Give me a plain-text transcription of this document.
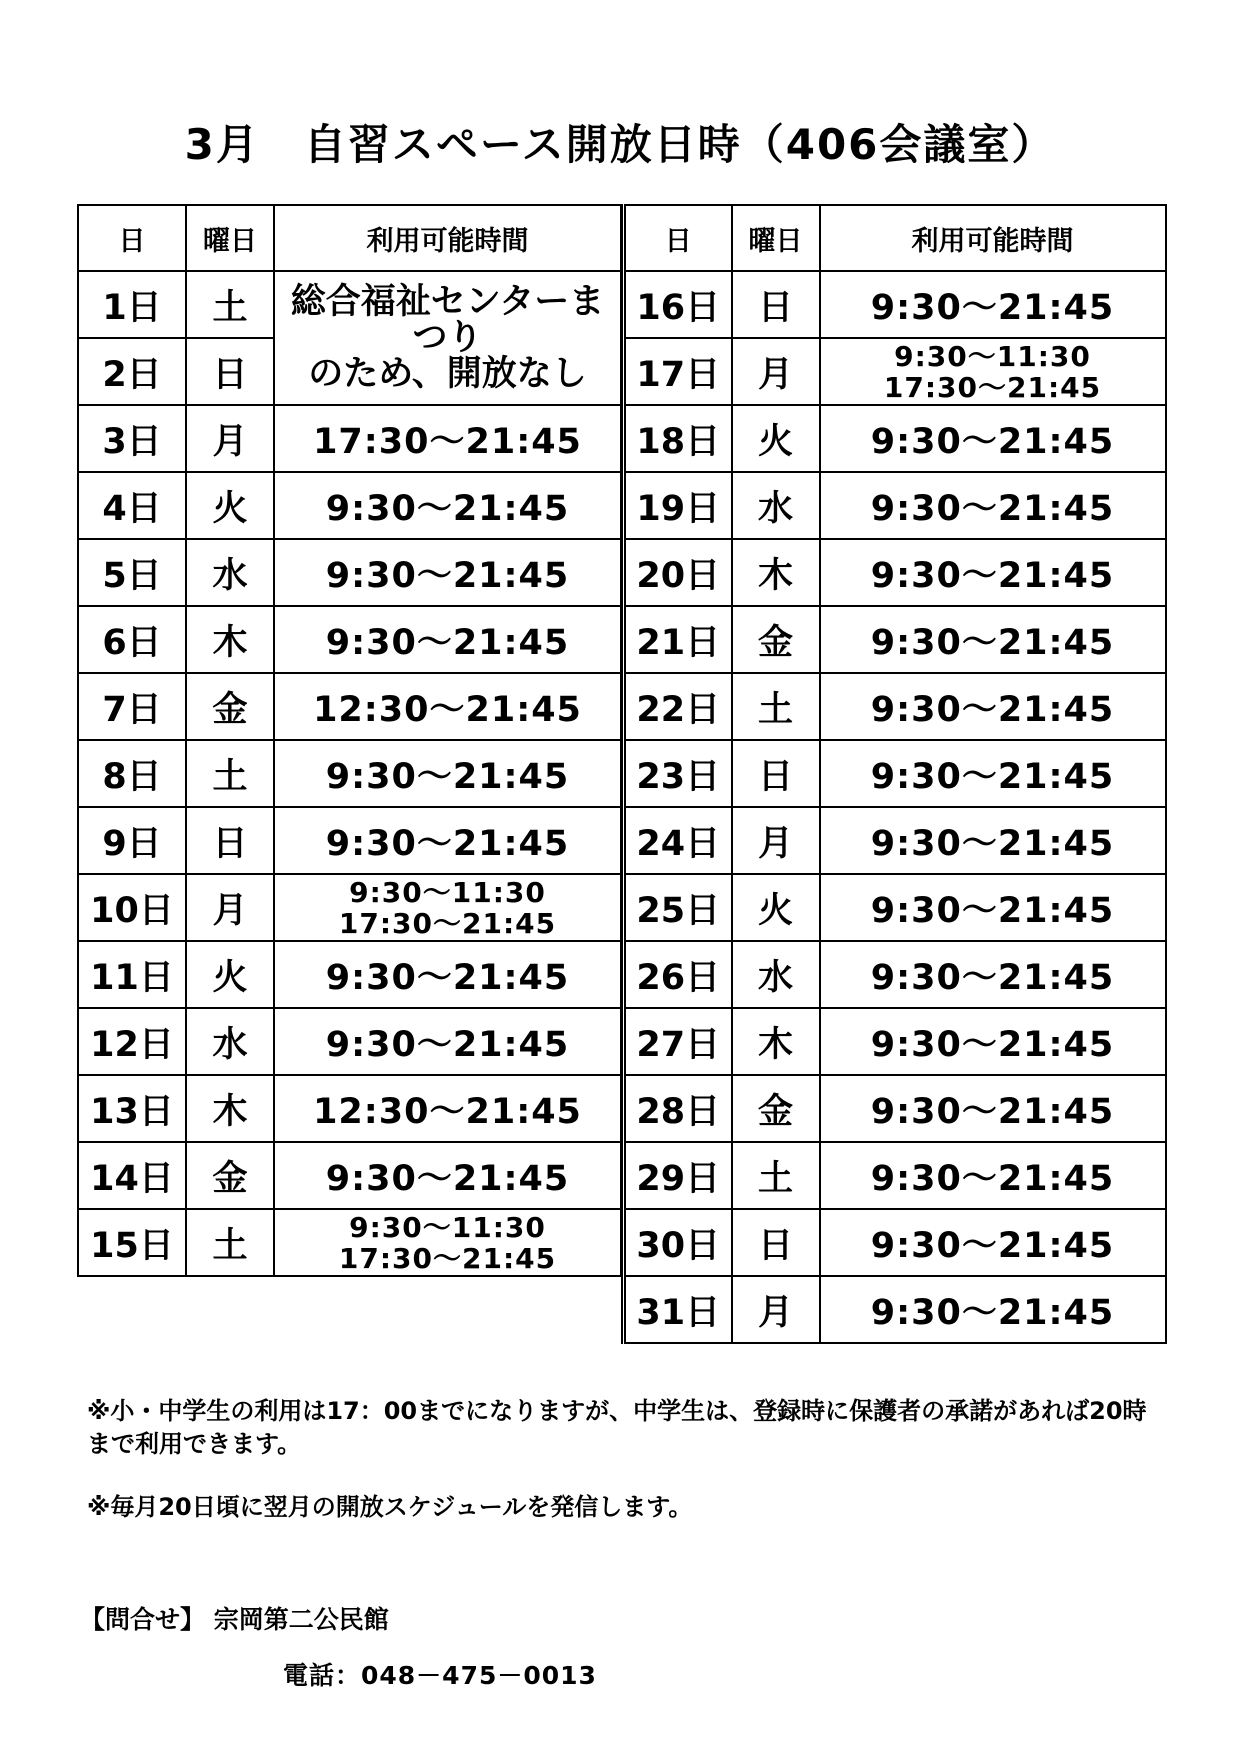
3月　自習スペース開放日時（406会議室）
日	曜日	利用可能時間
1日	土	総合福祉センターまつり
のため、開放なし

2日	日	
3日	月	17:30～21:45
4日	火	9:30～21:45
5日	水	9:30～21:45
6日	木	9:30～21:45
7日	金	12:30～21:45
8日	土	9:30～21:45
9日	日	9:30～21:45
10日	月	9:30～11:30
17:30～21:45

11日	火	9:30～21:45
12日	水	9:30～21:45
13日	木	12:30～21:45
14日	金	9:30～21:45
15日	土	9:30～11:30
17:30～21:45
日	曜日	利用可能時間
16日	日	9:30～21:45
17日	月	9:30～11:30
17:30～21:45

18日	火	9:30～21:45
19日	水	9:30～21:45
20日	木	9:30～21:45
21日	金	9:30～21:45
22日	土	9:30～21:45
23日	日	9:30～21:45
24日	月	9:30～21:45
25日	火	9:30～21:45
26日	水	9:30～21:45
27日	木	9:30～21:45
28日	金	9:30～21:45
29日	土	9:30～21:45
30日	日	9:30～21:45
31日	月	9:30～21:45
※小・中学生の利用は17：00までになりますが、中学生は、登録時に保護者の承諾があれば20時まで利用できます。
※毎月20日頃に翌月の開放スケジュールを発信します。
【問合せ】 宗岡第二公民館
電話：048－475－0013
